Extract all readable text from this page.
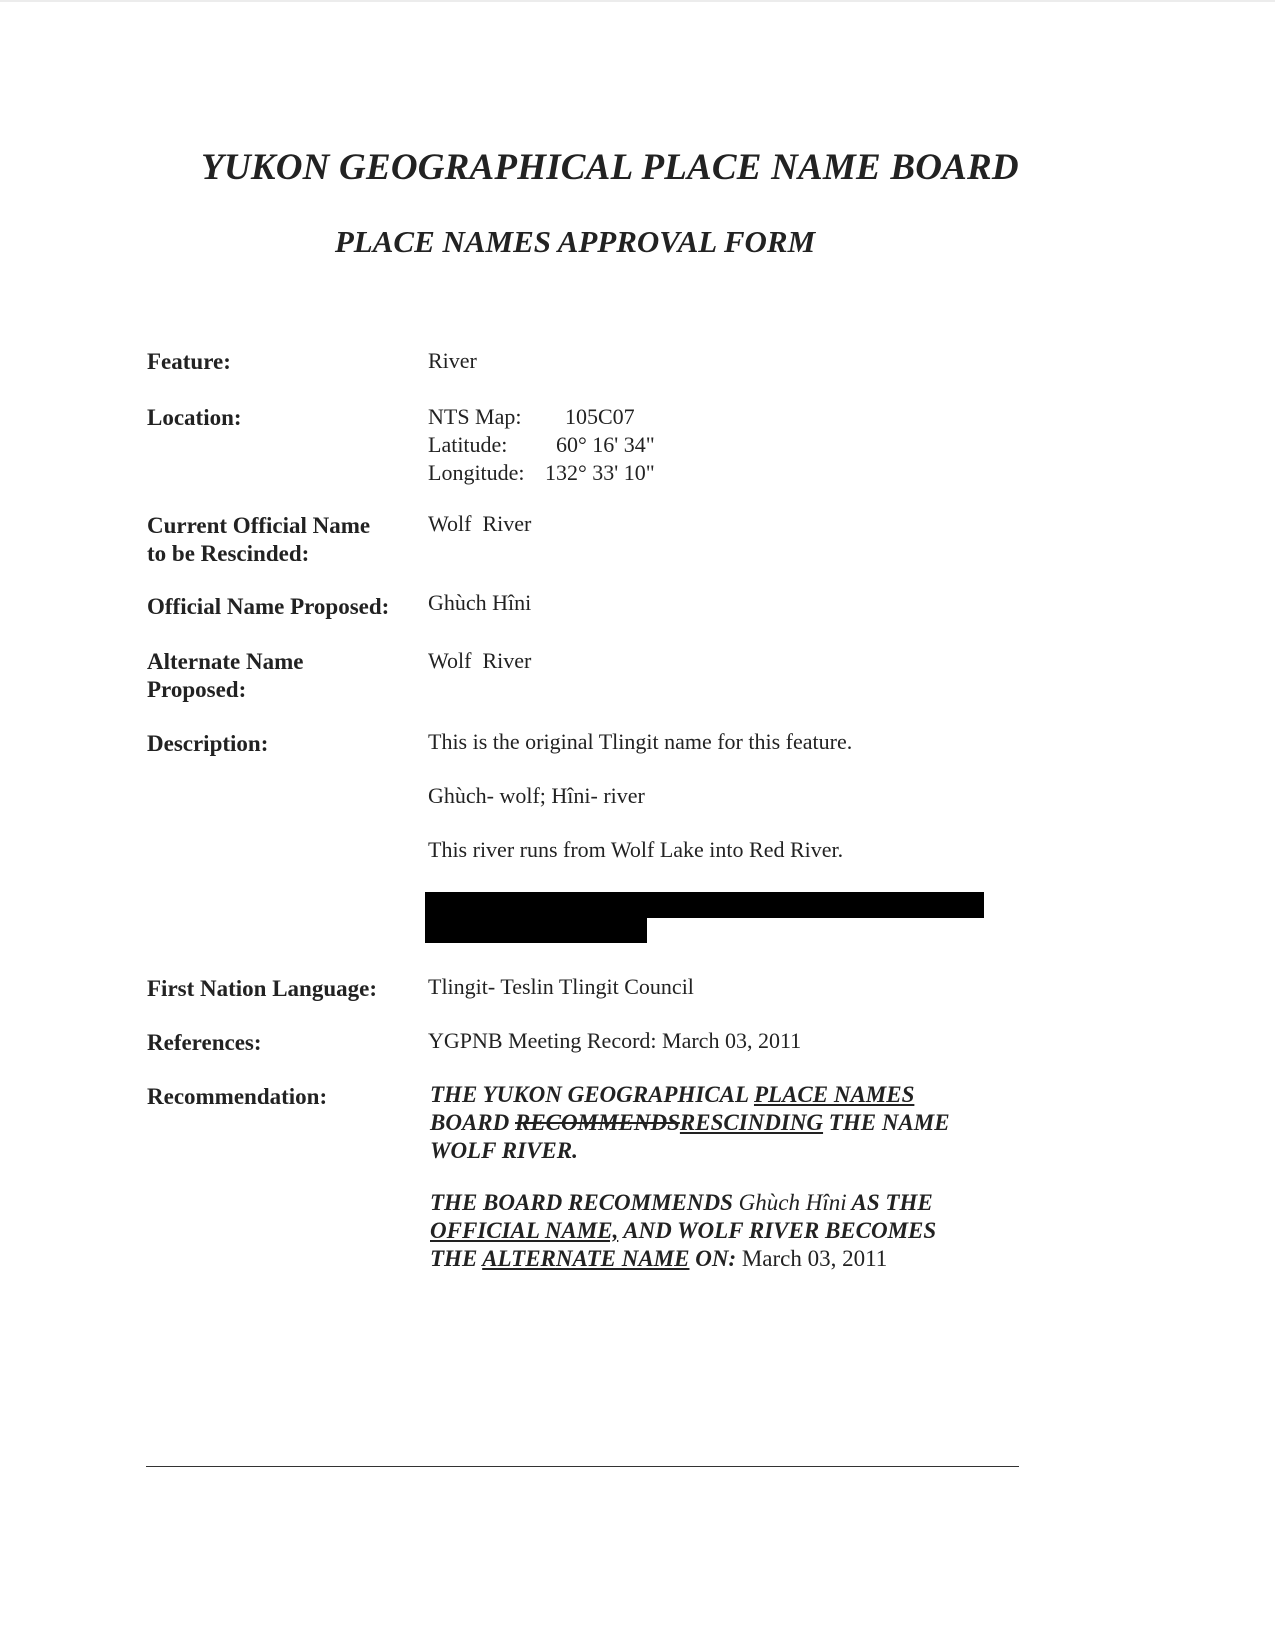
YUKON GEOGRAPHICAL PLACE NAME BOARD
PLACE NAMES APPROVAL FORM
Feature:	River
Location:	NTS Map: 105C07
Latitude: 60° 16' 34"
Longitude: 132° 33' 10"
Current Official Name
to be Rescinded:
Wolf  River
Official Name Proposed: Ghùch Hîni
Alternate Name
Proposed:
Wolf  River
Description:	This is the original Tlingit name for this feature.
Ghùch- wolf; Hîni- river
This river runs from Wolf Lake into Red River.
First Nation Language: Tlingit- Teslin Tlingit Council
References:	YGPNB Meeting Record: March 03, 2011
Recommendation:	THE YUKON GEOGRAPHICAL PLACE NAMES
BOARD RECOMMENDSRESCINDING THE NAME
WOLF RIVER.
THE BOARD RECOMMENDS Ghùch Hîni AS THE
OFFICIAL NAME, AND WOLF RIVER BECOMES
THE ALTERNATE NAME ON: March 03, 2011
